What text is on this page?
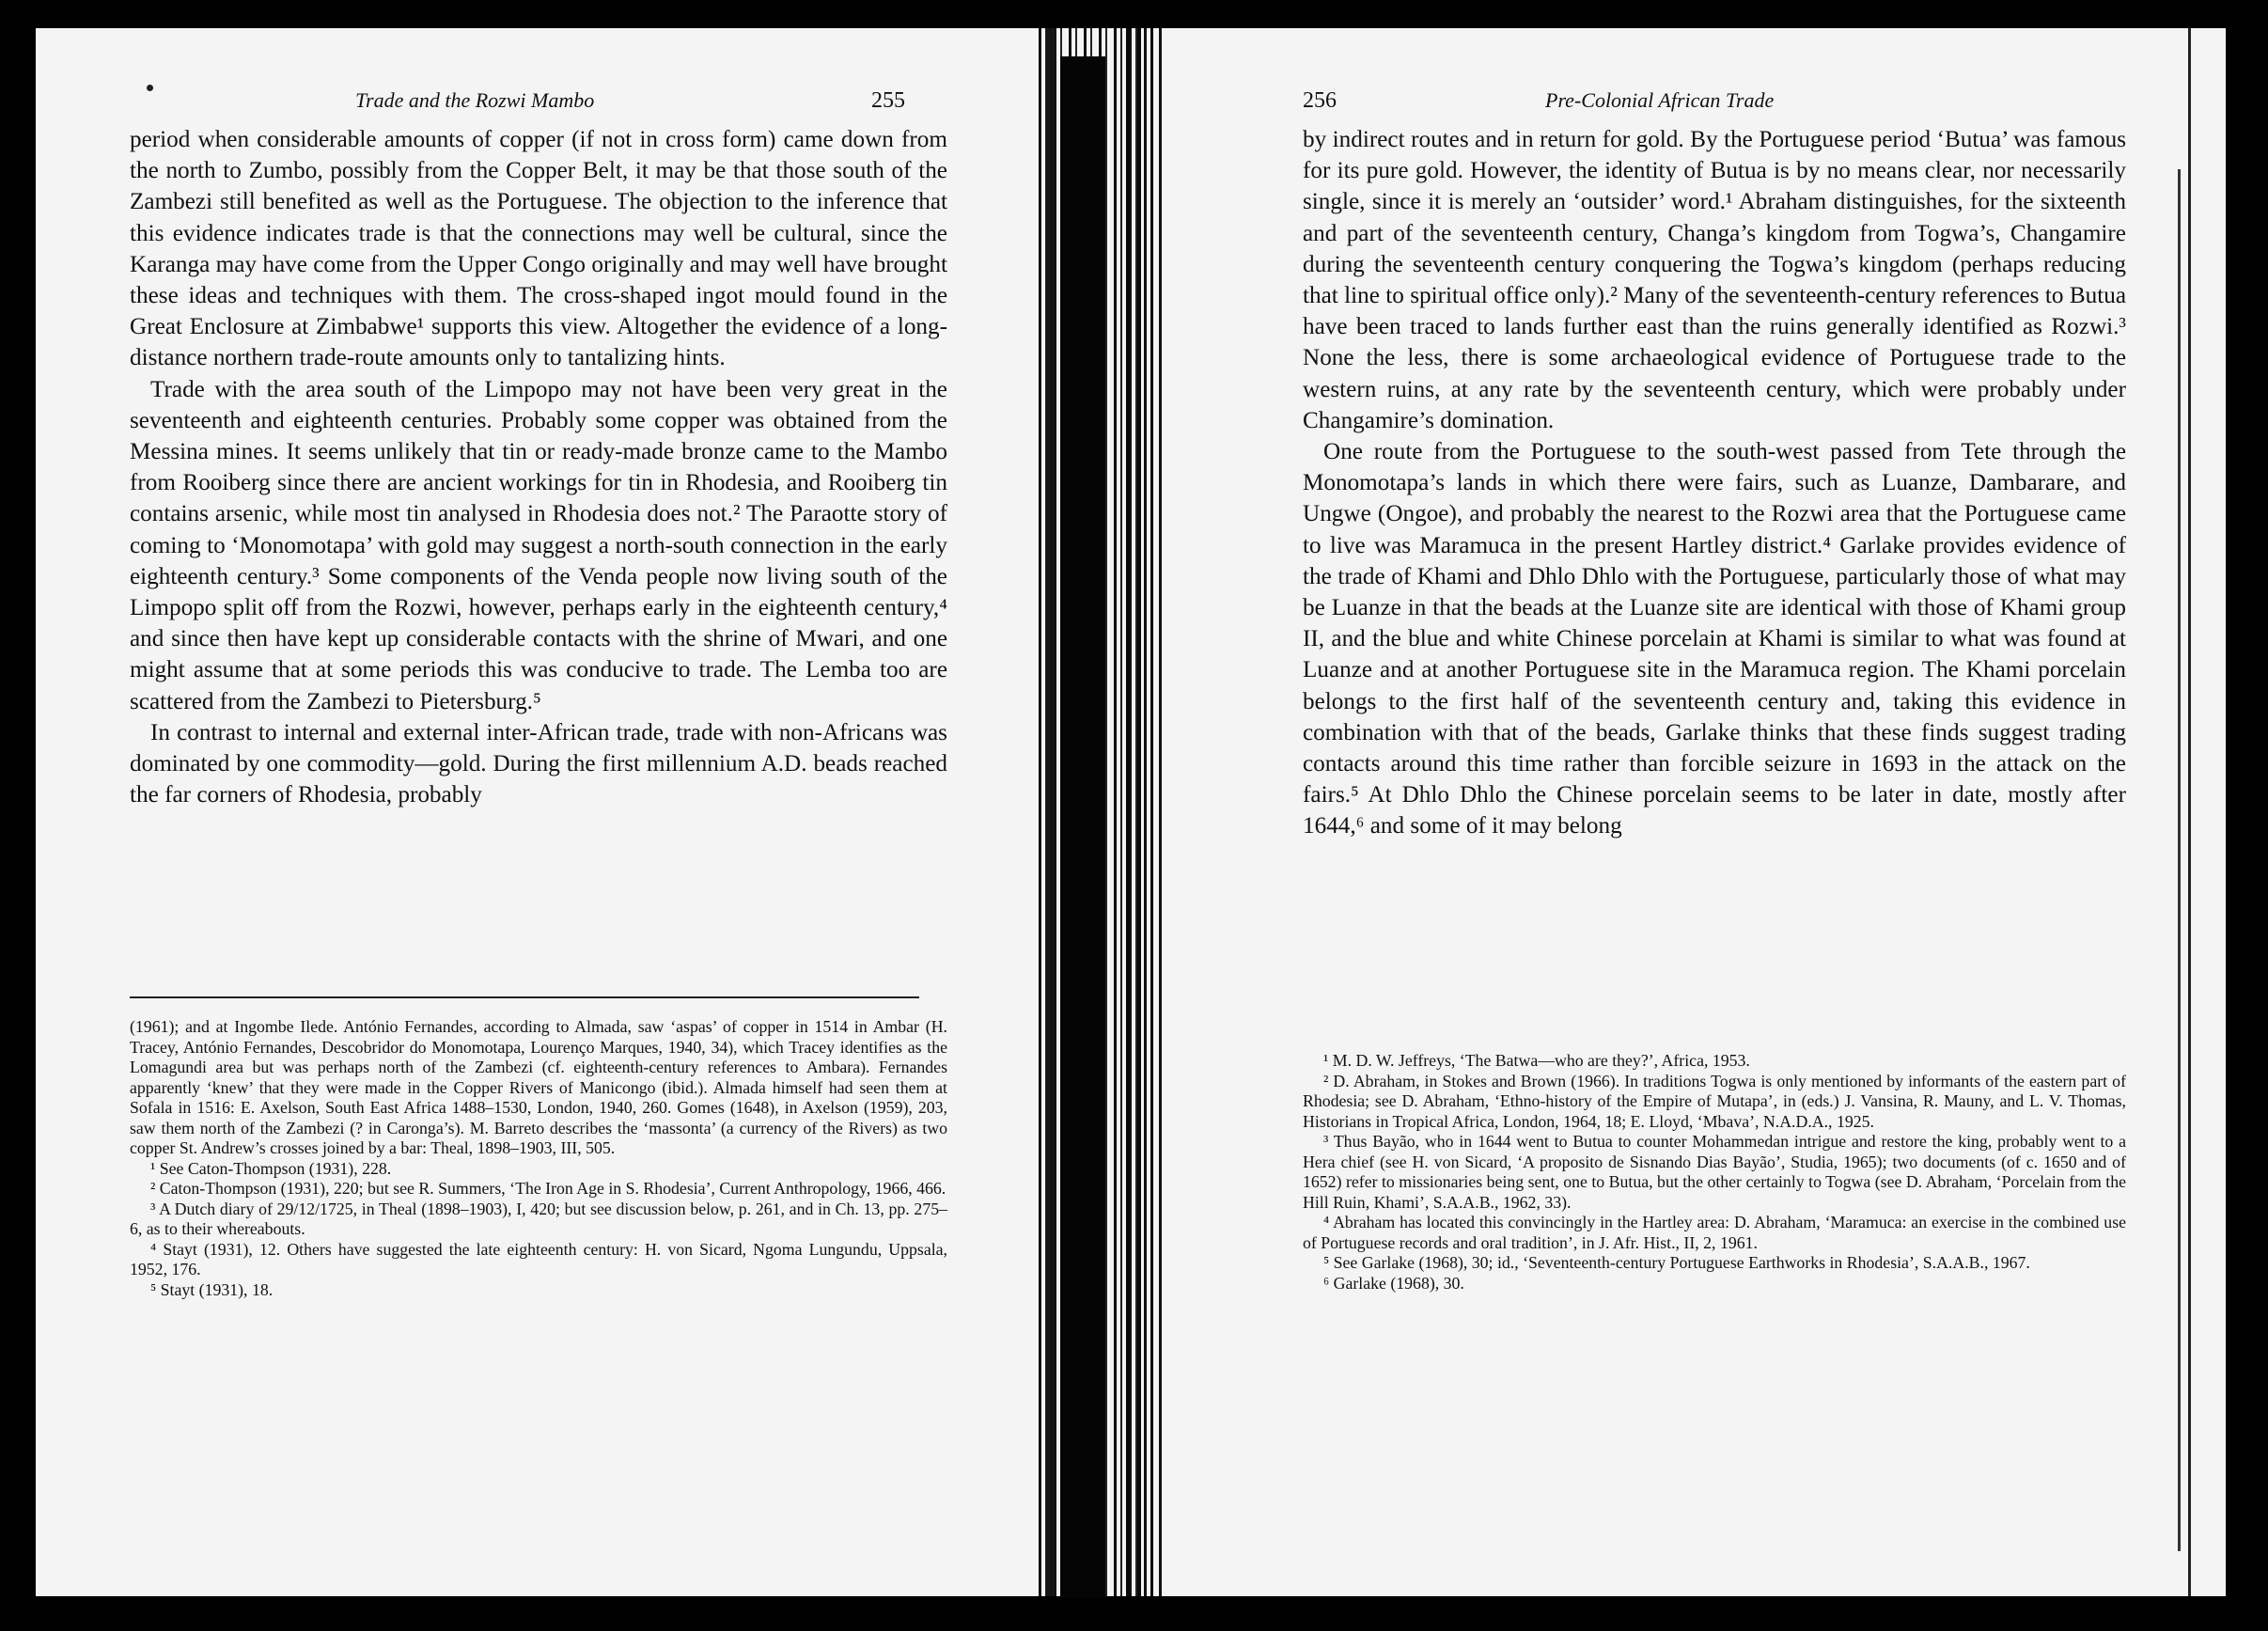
Trade and the Rozwi Mambo	255

period when considerable amounts of copper (if not in cross form) came down from the north to Zumbo, possibly from the Copper Belt, it may be that those south of the Zambezi still benefited as well as the Portuguese. The objection to the inference that this evidence indicates trade is that the connections may well be cultural, since the Karanga may have come from the Upper Congo originally and may well have brought these ideas and techniques with them. The cross-shaped ingot mould found in the Great Enclosure at Zimbabwe¹ supports this view. Altogether the evidence of a long-distance northern trade-route amounts only to tantalizing hints.

Trade with the area south of the Limpopo may not have been very great in the seventeenth and eighteenth centuries. Probably some copper was obtained from the Messina mines. It seems unlikely that tin or ready-made bronze came to the Mambo from Rooiberg since there are ancient workings for tin in Rhodesia, and Rooiberg tin contains arsenic, while most tin analysed in Rhodesia does not.² The Paraotte story of coming to ‘Monomotapa’ with gold may suggest a north-south connection in the early eighteenth century.³ Some components of the Venda people now living south of the Limpopo split off from the Rozwi, however, perhaps early in the eighteenth century,⁴ and since then have kept up considerable contacts with the shrine of Mwari, and one might assume that at some periods this was conducive to trade. The Lemba too are scattered from the Zambezi to Pietersburg.⁵

In contrast to internal and external inter-African trade, trade with non-Africans was dominated by one commodity—gold. During the first millennium A.D. beads reached the far corners of Rhodesia, probably

(1961); and at Ingombe Ilede. António Fernandes, according to Almada, saw ‘aspas’ of copper in 1514 in Ambar (H. Tracey, António Fernandes, Descobridor do Monomotapa, Lourenço Marques, 1940, 34), which Tracey identifies as the Lomagundi area but was perhaps north of the Zambezi (cf. eighteenth-century references to Ambara). Fernandes apparently ‘knew’ that they were made in the Copper Rivers of Manicongo (ibid.). Almada himself had seen them at Sofala in 1516: E. Axelson, South East Africa 1488–1530, London, 1940, 260. Gomes (1648), in Axelson (1959), 203, saw them north of the Zambezi (? in Caronga’s). M. Barreto describes the ‘massonta’ (a currency of the Rivers) as two copper St. Andrew’s crosses joined by a bar: Theal, 1898–1903, III, 505.

¹ See Caton-Thompson (1931), 228.

² Caton-Thompson (1931), 220; but see R. Summers, ‘The Iron Age in S. Rhodesia’, Current Anthropology, 1966, 466.

³ A Dutch diary of 29/12/1725, in Theal (1898–1903), I, 420; but see discussion below, p. 261, and in Ch. 13, pp. 275–6, as to their whereabouts.

⁴ Stayt (1931), 12. Others have suggested the late eighteenth century: H. von Sicard, Ngoma Lungundu, Uppsala, 1952, 176.

⁵ Stayt (1931), 18.

256	Pre-Colonial African Trade

by indirect routes and in return for gold. By the Portuguese period ‘Butua’ was famous for its pure gold. However, the identity of Butua is by no means clear, nor necessarily single, since it is merely an ‘outsider’ word.¹ Abraham distinguishes, for the sixteenth and part of the seventeenth century, Changa’s kingdom from Togwa’s, Changamire during the seventeenth century conquering the Togwa’s kingdom (perhaps reducing that line to spiritual office only).² Many of the seventeenth-century references to Butua have been traced to lands further east than the ruins generally identified as Rozwi.³ None the less, there is some archaeological evidence of Portuguese trade to the western ruins, at any rate by the seventeenth century, which were probably under Changamire’s domination.

One route from the Portuguese to the south-west passed from Tete through the Monomotapa’s lands in which there were fairs, such as Luanze, Dambarare, and Ungwe (Ongoe), and probably the nearest to the Rozwi area that the Portuguese came to live was Maramuca in the present Hartley district.⁴ Garlake provides evidence of the trade of Khami and Dhlo Dhlo with the Portuguese, particularly those of what may be Luanze in that the beads at the Luanze site are identical with those of Khami group II, and the blue and white Chinese porcelain at Khami is similar to what was found at Luanze and at another Portuguese site in the Maramuca region. The Khami porcelain belongs to the first half of the seventeenth century and, taking this evidence in combination with that of the beads, Garlake thinks that these finds suggest trading contacts around this time rather than forcible seizure in 1693 in the attack on the fairs.⁵ At Dhlo Dhlo the Chinese porcelain seems to be later in date, mostly after 1644,⁶ and some of it may belong

¹ M. D. W. Jeffreys, ‘The Batwa—who are they?’, Africa, 1953.

² D. Abraham, in Stokes and Brown (1966). In traditions Togwa is only mentioned by informants of the eastern part of Rhodesia; see D. Abraham, ‘Ethno-history of the Empire of Mutapa’, in (eds.) J. Vansina, R. Mauny, and L. V. Thomas, Historians in Tropical Africa, London, 1964, 18; E. Lloyd, ‘Mbava’, N.A.D.A., 1925.

³ Thus Bayão, who in 1644 went to Butua to counter Mohammedan intrigue and restore the king, probably went to a Hera chief (see H. von Sicard, ‘A proposito de Sisnando Dias Bayão’, Studia, 1965); two documents (of c. 1650 and of 1652) refer to missionaries being sent, one to Butua, but the other certainly to Togwa (see D. Abraham, ‘Porcelain from the Hill Ruin, Khami’, S.A.A.B., 1962, 33).

⁴ Abraham has located this convincingly in the Hartley area: D. Abraham, ‘Maramuca: an exercise in the combined use of Portuguese records and oral tradition’, in J. Afr. Hist., II, 2, 1961.

⁵ See Garlake (1968), 30; id., ‘Seventeenth-century Portuguese Earthworks in Rhodesia’, S.A.A.B., 1967.

⁶ Garlake (1968), 30.
